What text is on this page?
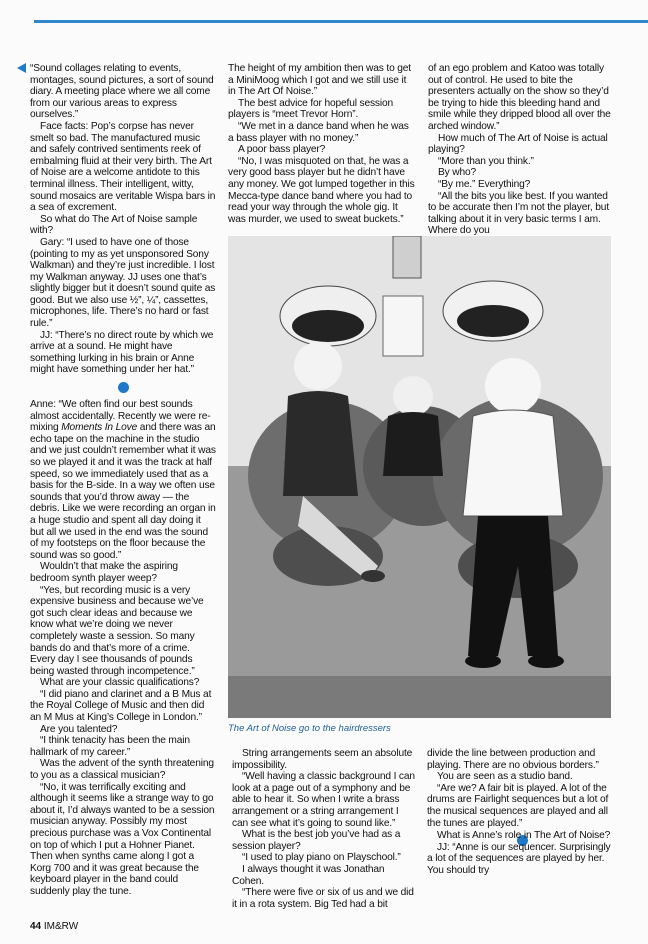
“Sound collages relating to events, montages, sound pictures, a sort of sound diary. A meeting place where we all come from our various areas to express ourselves.”

Face facts: Pop’s corpse has never smelt so bad. The manufactured music and safely contrived sentiments reek of embalming fluid at their very birth. The Art of Noise are a welcome antidote to this terminal illness. Their intelligent, witty, sound mosaics are veritable Wispa bars in a sea of excrement.

So what do The Art of Noise sample with?

Gary: “I used to have one of those (pointing to my as yet unsponsored Sony Walkman) and they’re just incredible. I lost my Walkman anyway. JJ uses one that’s slightly bigger but it doesn’t sound quite as good. But we also use ½”, ¼”, cassettes, microphones, life. There’s no hard or fast rule.”

JJ: “There’s no direct route by which we arrive at a sound. He might have something lurking in his brain or Anne might have something under her hat.”

Anne: “We often find our best sounds almost accidentally. Recently we were re-mixing Moments In Love and there was an echo tape on the machine in the studio and we just couldn’t remember what it was so we played it and it was the track at half speed, so we immediately used that as a basis for the B-side. In a way we often use sounds that you’d throw away — the debris. Like we were recording an organ in a huge studio and spent all day doing it but all we used in the end was the sound of my footsteps on the floor because the sound was so good.”

Wouldn’t that make the aspiring bedroom synth player weep?

“Yes, but recording music is a very expensive business and because we’ve got such clear ideas and because we know what we’re doing we never completely waste a session. So many bands do and that’s more of a crime. Every day I see thousands of pounds being wasted through incompetence.”

What are your classic qualifications?

“I did piano and clarinet and a B Mus at the Royal College of Music and then did an M Mus at King’s College in London.”

Are you talented?

“I think tenacity has been the main hallmark of my career.”

Was the advent of the synth threatening to you as a classical musician?

“No, it was terrifically exciting and although it seems like a strange way to go about it, I’d always wanted to be a session musician anyway. Possibly my most precious purchase was a Vox Continental on top of which I put a Hohner Pianet. Then when synths came along I got a Korg 700 and it was great because the keyboard player in the band could suddenly play the tune.

The height of my ambition then was to get a MiniMoog which I got and we still use it in The Art Of Noise.”

The best advice for hopeful session players is “meet Trevor Horn”.

“We met in a dance band when he was a bass player with no money.”

A poor bass player?

“No, I was misquoted on that, he was a very good bass player but he didn’t have any money. We got lumped together in this Mecca-type dance band where you had to read your way through the whole gig. It was murder, we used to sweat buckets.”

of an ego problem and Katoo was totally out of control. He used to bite the presenters actually on the show so they’d be trying to hide this bleeding hand and smile while they dripped blood all over the arched window.”

How much of The Art of Noise is actual playing?

“More than you think.”

By who?

“By me.” Everything?

“All the bits you like best. If you wanted to be accurate then I’m not the player, but talking about it in very basic terms I am. Where do you

The Art of Noise go to the hairdressers

String arrangements seem an absolute impossibility.

“Well having a classic background I can look at a page out of a symphony and be able to hear it. So when I write a brass arrangement or a string arrangement I can see what it’s going to sound like.”

What is the best job you’ve had as a session player?

“I used to play piano on Playschool.”

I always thought it was Jonathan Cohen.

“There were five or six of us and we did it in a rota system. Big Ted had a bit

divide the line between production and playing. There are no obvious borders.”

You are seen as a studio band.

“Are we? A fair bit is played. A lot of the drums are Fairlight sequences but a lot of the musical sequences are played and all the tunes are played.”

What is Anne’s role in The Art of Noise?

JJ: “Anne is our sequencer. Surprisingly a lot of the sequences are played by her. You should try

44 IM&RW
